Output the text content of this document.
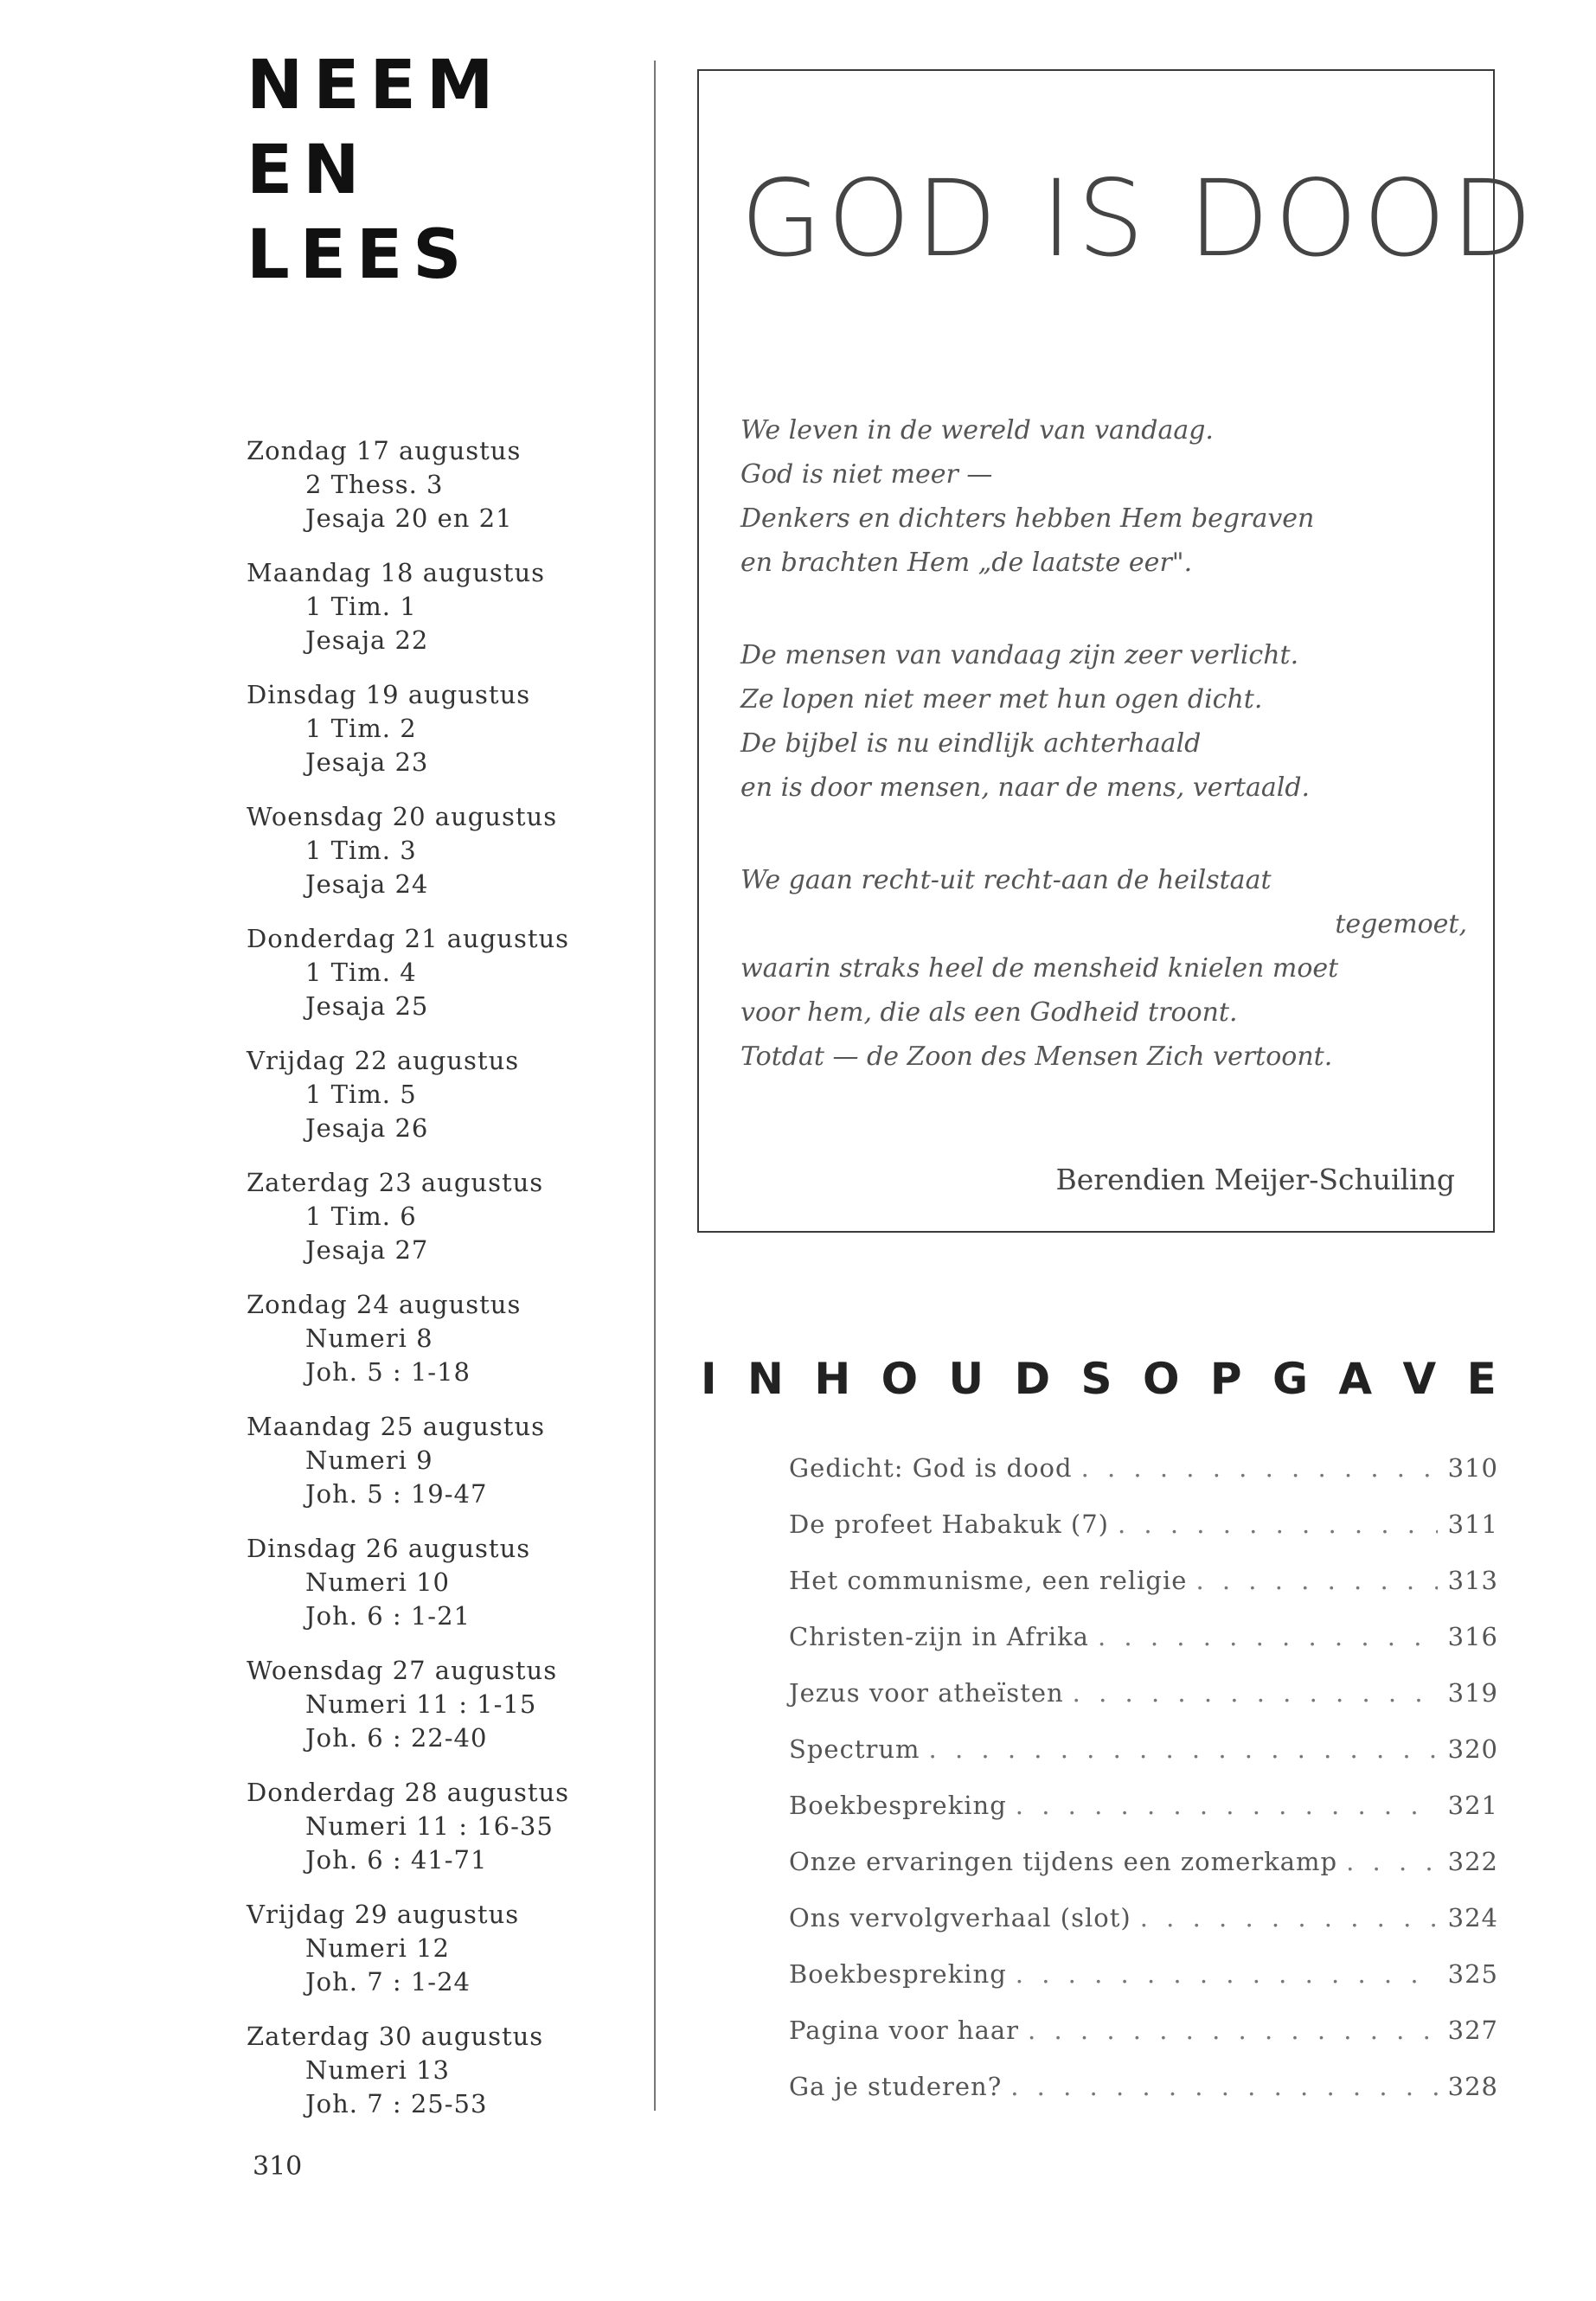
NEEM
EN
LEES
Zondag 17 augustus
2 Thess. 3
Jesaja 20 en 21
Maandag 18 augustus
1 Tim. 1
Jesaja 22
Dinsdag 19 augustus
1 Tim. 2
Jesaja 23
Woensdag 20 augustus
1 Tim. 3
Jesaja 24
Donderdag 21 augustus
1 Tim. 4
Jesaja 25
Vrijdag 22 augustus
1 Tim. 5
Jesaja 26
Zaterdag 23 augustus
1 Tim. 6
Jesaja 27
Zondag 24 augustus
Numeri 8
Joh. 5 : 1-18
Maandag 25 augustus
Numeri 9
Joh. 5 : 19-47
Dinsdag 26 augustus
Numeri 10
Joh. 6 : 1-21
Woensdag 27 augustus
Numeri 11 : 1-15
Joh. 6 : 22-40
Donderdag 28 augustus
Numeri 11 : 16-35
Joh. 6 : 41-71
Vrijdag 29 augustus
Numeri 12
Joh. 7 : 1-24
Zaterdag 30 augustus
Numeri 13
Joh. 7 : 25-53
310
GOD IS DOOD
We leven in de wereld van vandaag.
God is niet meer —
Denkers en dichters hebben Hem begraven
en brachten Hem „de laatste eer".
De mensen van vandaag zijn zeer verlicht.
Ze lopen niet meer met hun ogen dicht.
De bijbel is nu eindlijk achterhaald
en is door mensen, naar de mens, vertaald.
We gaan recht-uit recht-aan de heilstaat
tegemoet,
waarin straks heel de mensheid knielen moet
voor hem, die als een Godheid troont.
Totdat — de Zoon des Mensen Zich vertoont.
Berendien Meijer-Schuiling
I N H O U D S O P G A V E
Gedicht: God is dood . . .	310
De profeet Habakuk (7) . . .	311
Het communisme, een religie . . .	313
Christen-zijn in Afrika . . .	316
Jezus voor atheïsten . . .	319
Spectrum . . .	320
Boekbespreking . . .	321
Onze ervaringen tijdens een zomerkamp . . .	322
Ons vervolgverhaal (slot) . . .	324
Boekbespreking . . .	325
Pagina voor haar . . .	327
Ga je studeren? . . .	328
